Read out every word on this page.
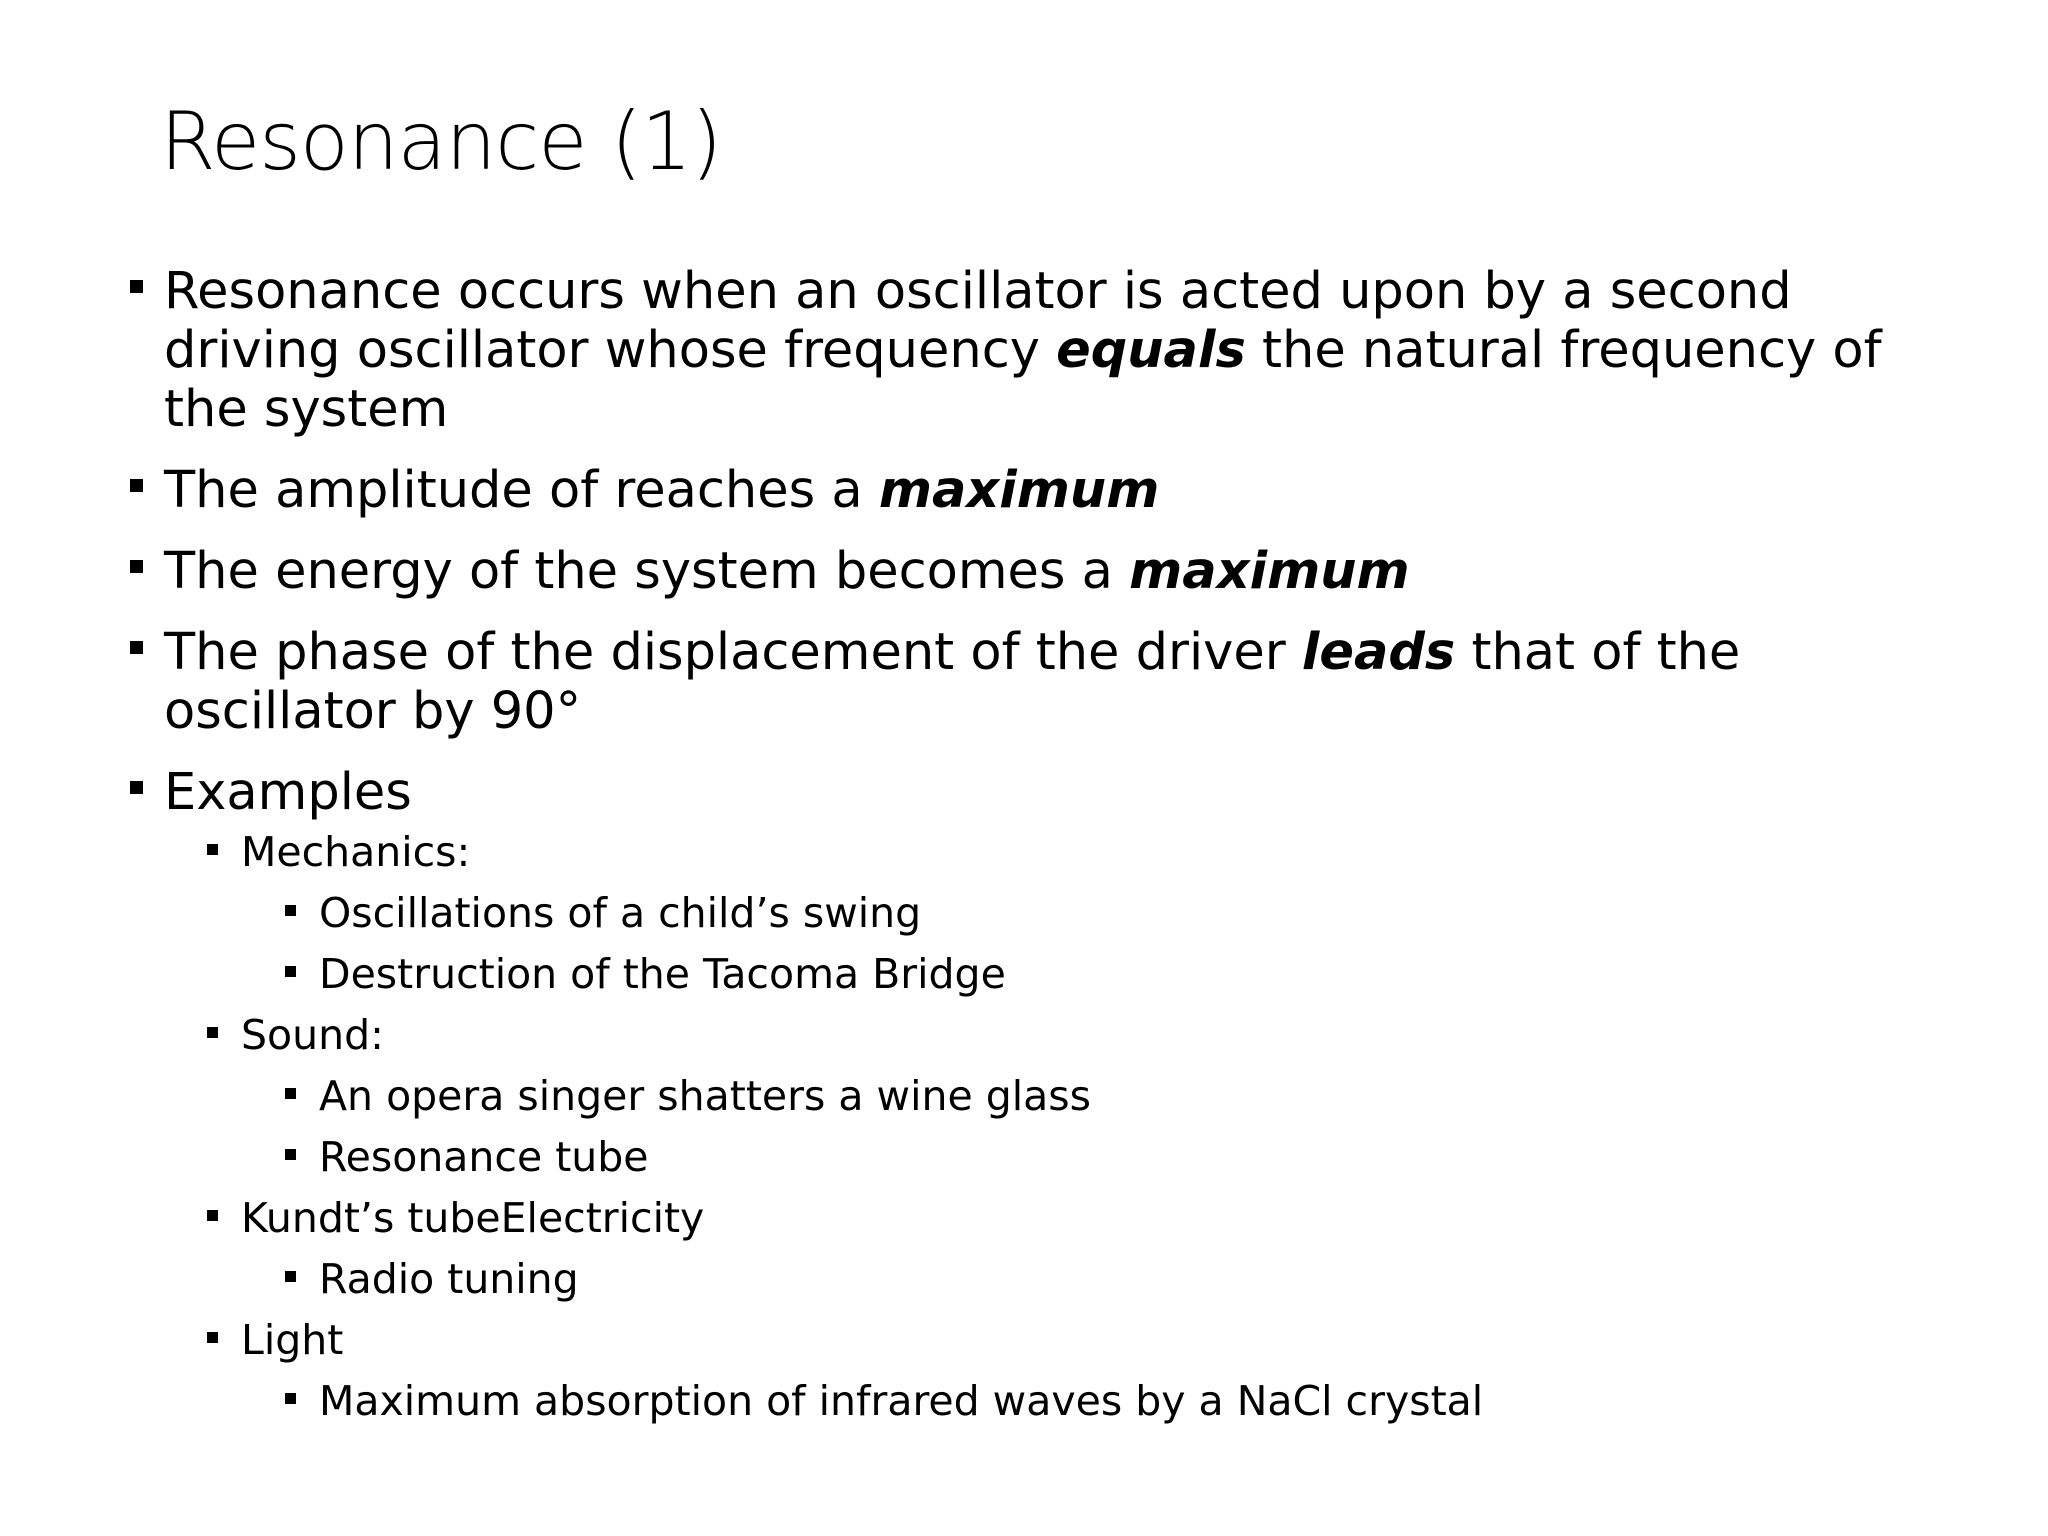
Resonance (1)
Resonance occurs when an oscillator is acted upon by a second driving oscillator whose frequency equals the natural frequency of the system
The amplitude of reaches a maximum
The energy of the system becomes a maximum
The phase of the displacement of the driver leads that of the oscillator by 90°
Examples
Mechanics:
Oscillations of a child’s swing
Destruction of the Tacoma Bridge
Sound:
An opera singer shatters a wine glass
Resonance tube
Kundt’s tubeElectricity
Radio tuning
Light
Maximum absorption of infrared waves by a NaCl crystal
